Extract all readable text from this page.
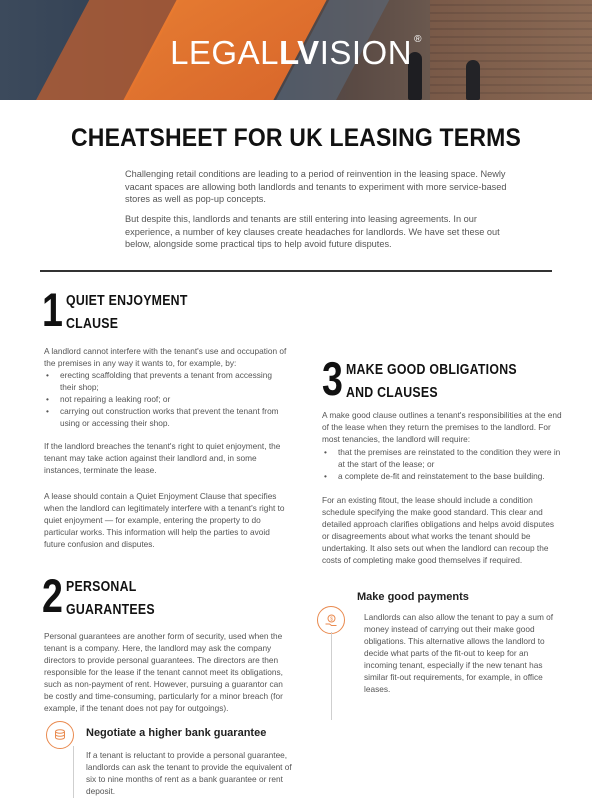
LEGALLVISION ®
CHEATSHEET FOR UK LEASING TERMS

Challenging retail conditions are leading to a period of reinvention in the leasing space. Newly vacant spaces are allowing both landlords and tenants to experiment with more service-based stores as well as pop-up concepts.

But despite this, landlords and tenants are still entering into leasing agreements. In our experience, a number of key clauses create headaches for landlords. We have set these out below, alongside some practical tips to help avoid future disputes.

1 QUIET ENJOYMENT
CLAUSE

A landlord cannot interfere with the tenant's use and occupation of the premises in any way it wants to, for example, by:

• erecting scaffolding that prevents a tenant from accessing their shop;
• not repairing a leaking roof; or
• carrying out construction works that prevent the tenant from using or accessing their shop.

If the landlord breaches the tenant's right to quiet enjoyment, the tenant may take action against their landlord and, in some instances, terminate the lease.

A lease should contain a Quiet Enjoyment Clause that specifies when the landlord can legitimately interfere with a tenant's right to quiet enjoyment — for example, entering the property to do particular works. This information will help the parties to avoid future confusion and disputes.

2 PERSONAL
GUARANTEES

Personal guarantees are another form of security, used when the tenant is a company. Here, the landlord may ask the company directors to provide personal guarantees. The directors are then responsible for the lease if the tenant cannot meet its obligations, such as non-payment of rent. However, pursuing a guarantor can be costly and time-consuming, particularly for a minor breach (for example, if the tenant does not pay for outgoings).

Negotiate a higher bank guarantee

If a tenant is reluctant to provide a personal guarantee, landlords can ask the tenant to provide the equivalent of six to nine months of rent as a bank guarantee or rent deposit.

3 MAKE GOOD OBLIGATIONS
AND CLAUSES

A make good clause outlines a tenant's responsibilities at the end of the lease when they return the premises to the landlord. For most tenancies, the landlord will require:

• that the premises are reinstated to the condition they were in at the start of the lease; or
• a complete de-fit and reinstatement to the base building.

For an existing fitout, the lease should include a condition schedule specifying the make good standard. This clear and detailed approach clarifies obligations and helps avoid disputes or disagreements about what works the tenant should be undertaking. It also sets out when the landlord can recoup the costs of completing make good themselves if required.

Make good payments
$	Landlords can also allow the tenant to pay a sum of money instead of carrying out their make good obligations. This alternative allows the landlord to decide what parts of the fit-out to keep for an incoming tenant, especially if the new tenant has similar fit-out requirements, for example, in office leases.
